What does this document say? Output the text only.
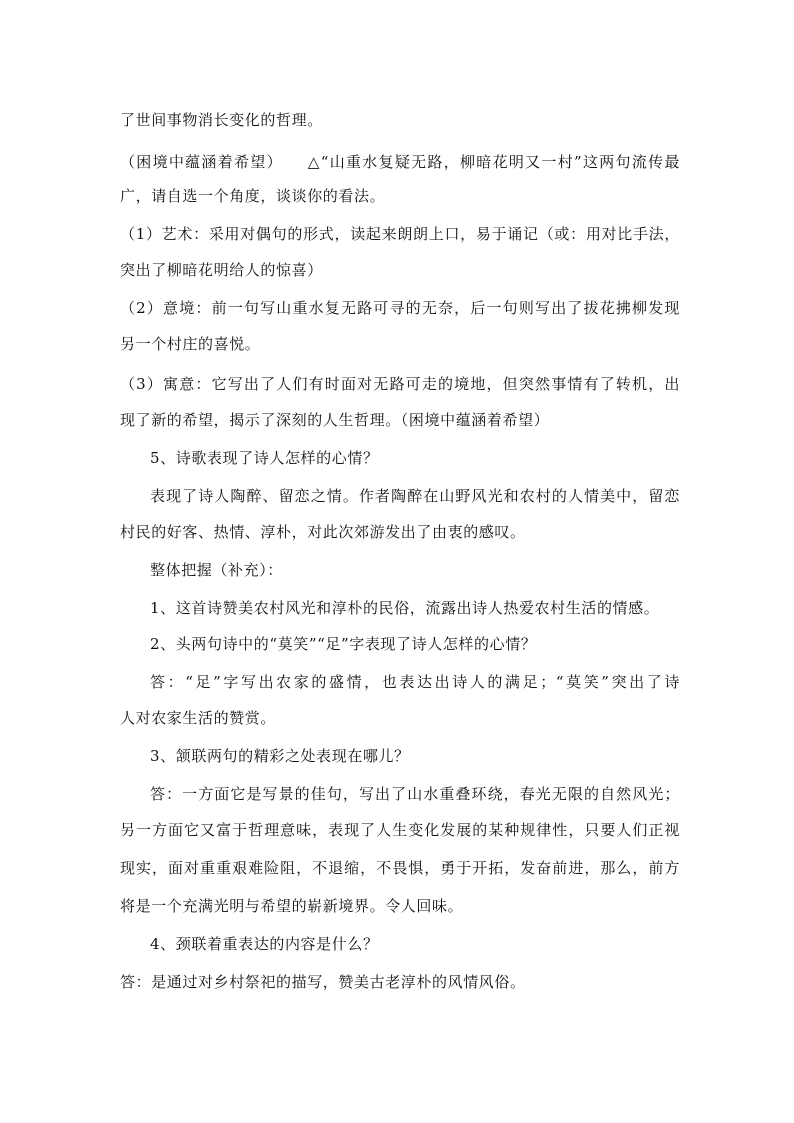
了世间事物消长变化的哲理。
（困境中蕴涵着希望）　　△“山重水复疑无路，柳暗花明又一村”这两句流传最
广，请自选一个角度，谈谈你的看法。
（1）艺术：采用对偶句的形式，读起来朗朗上口，易于诵记（或：用对比手法，
突出了柳暗花明给人的惊喜）
（2）意境：前一句写山重水复无路可寻的无奈，后一句则写出了拔花拂柳发现
另一个村庄的喜悦。
（3）寓意：它写出了人们有时面对无路可走的境地，但突然事情有了转机，出
现了新的希望，揭示了深刻的人生哲理。（困境中蕴涵着希望）
5、诗歌表现了诗人怎样的心情？
表现了诗人陶醉、留恋之情。作者陶醉在山野风光和农村的人情美中，留恋
村民的好客、热情、淳朴，对此次郊游发出了由衷的感叹。
整体把握（补充）：
1、这首诗赞美农村风光和淳朴的民俗，流露出诗人热爱农村生活的情感。
2、头两句诗中的“莫笑”“足”字表现了诗人怎样的心情？
答：“足”字写出农家的盛情，也表达出诗人的满足；“莫笑”突出了诗
人对农家生活的赞赏。
3、颔联两句的精彩之处表现在哪儿？
答：一方面它是写景的佳句，写出了山水重叠环绕，春光无限的自然风光；
另一方面它又富于哲理意味，表现了人生变化发展的某种规律性，只要人们正视
现实，面对重重艰难险阻，不退缩，不畏惧，勇于开拓，发奋前进，那么，前方
将是一个充满光明与希望的崭新境界。令人回味。
4、颈联着重表达的内容是什么？
答：是通过对乡村祭祀的描写，赞美古老淳朴的风情风俗。
